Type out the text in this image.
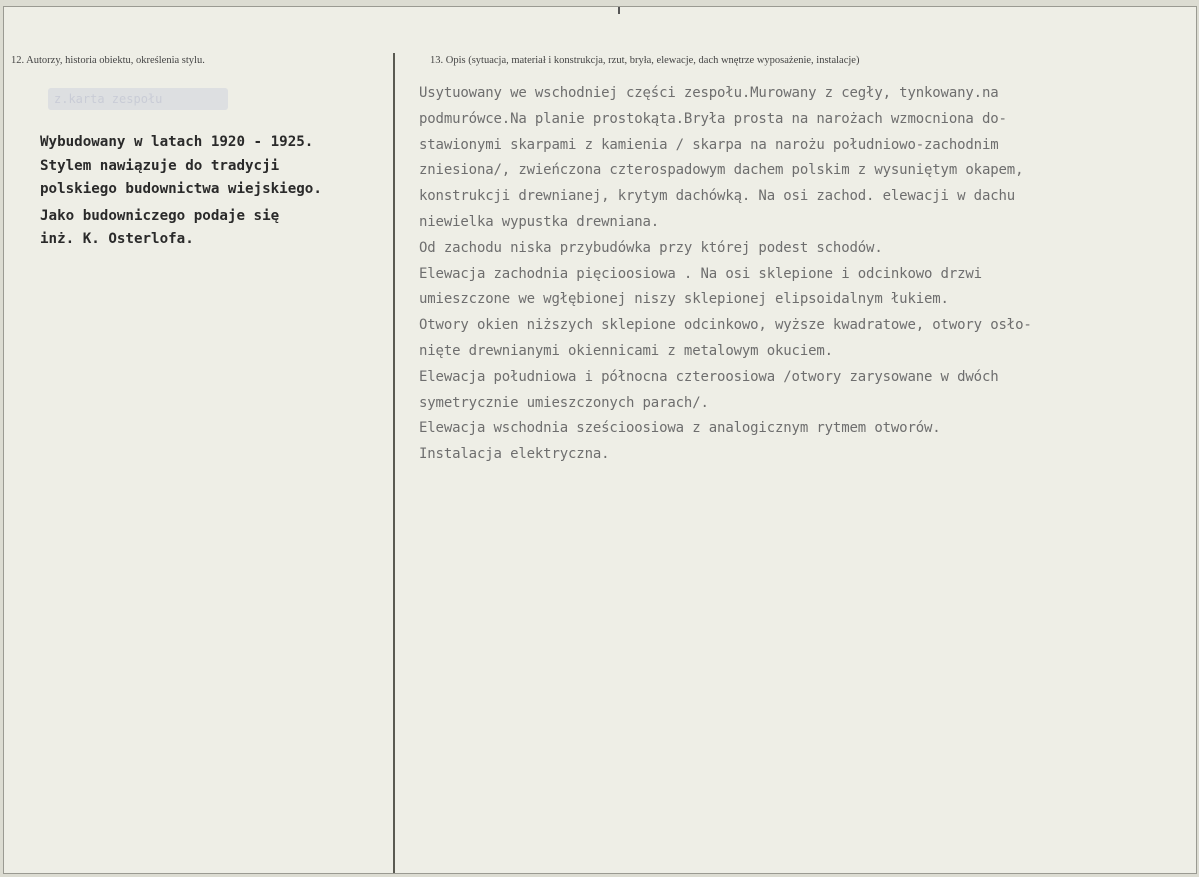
12. Autorzy, historia obiektu, określenia stylu.	13. Opis (sytuacja, materiał i konstrukcja, rzut, bryła, elewacje, dach wnętrze wyposażenie, instalacje)
z.karta zespołu
Wybudowany w latach 1920 - 1925.
Stylem nawiązuje do tradycji
polskiego budownictwa wiejskiego.
Jako budowniczego podaje się
inż. K. Osterlofa.
Usytuowany we wschodniej części zespołu.Murowany z cegły, tynkowany.na
podmurówce.Na planie prostokąta.Bryła prosta na narożach wzmocniona do-
stawionymi skarpami z kamienia / skarpa na narożu południowo-zachodnim
zniesiona/, zwieńczona czterospadowym dachem polskim z wysuniętym okapem,
konstrukcji drewnianej, krytym dachówką. Na osi zachod. elewacji w dachu
niewielka wypustka drewniana.
Od zachodu niska przybudówka przy której podest schodów.
Elewacja zachodnia pięcioosiowa . Na osi sklepione i odcinkowo drzwi
umieszczone we wgłębionej niszy sklepionej elipsoidalnym łukiem.
Otwory okien niższych sklepione odcinkowo, wyższe kwadratowe, otwory osło-
nięte drewnianymi okiennicami z metalowym okuciem.
Elewacja południowa i północna czteroosiowa /otwory zarysowane w dwóch
symetrycznie umieszczonych parach/.
Elewacja wschodnia sześcioosiowa z analogicznym rytmem otworów.
Instalacja elektryczna.
